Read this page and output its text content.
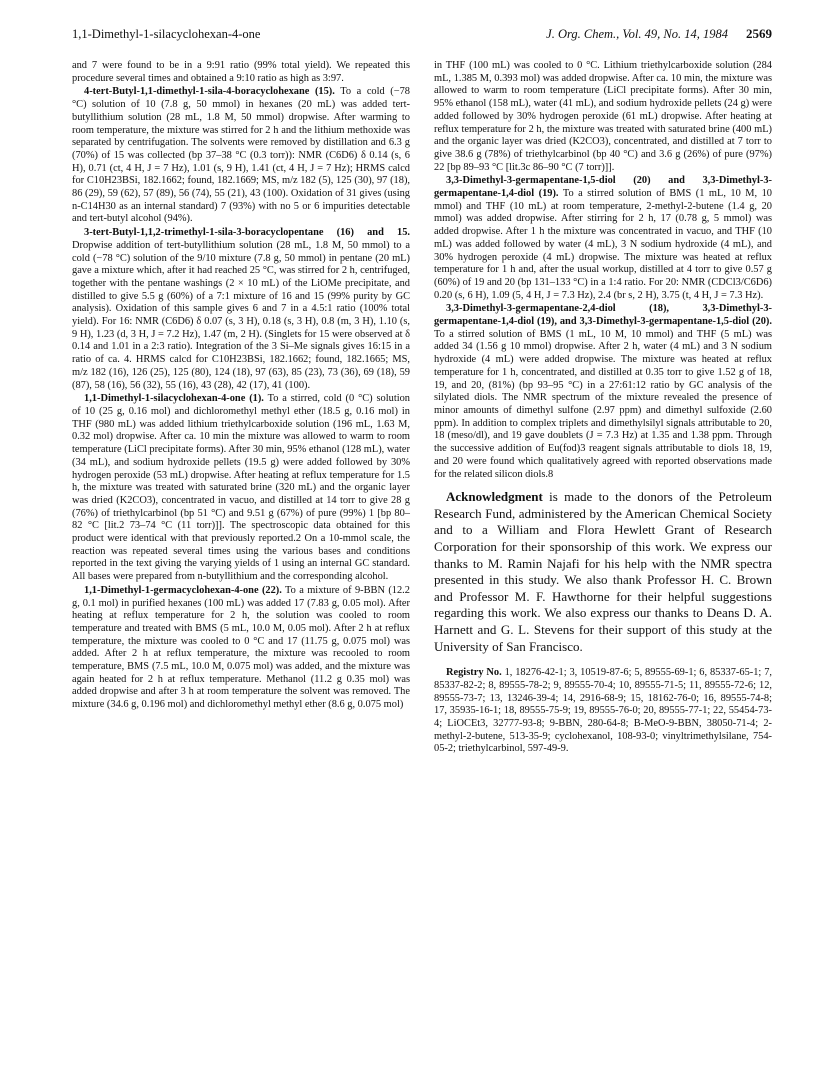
1,1-Dimethyl-1-silacyclohexan-4-one	J. Org. Chem., Vol. 49, No. 14, 1984 2569

and 7 were found to be in a 9:91 ratio (99% total yield). We repeated this procedure several times and obtained a 9:10 ratio as high as 3:97.

4-tert-Butyl-1,1-dimethyl-1-sila-4-boracyclohexane (15). To a cold (−78 °C) solution of 10 (7.8 g, 50 mmol) in hexanes (20 mL) was added tert-butyllithium solution (28 mL, 1.8 M, 50 mmol) dropwise. After warming to room temperature, the mixture was stirred for 2 h and the lithium methoxide was separated by centrifugation. The solvents were removed by distillation and 6.3 g (70%) of 15 was collected (bp 37–38 °C (0.3 torr)): NMR (C6D6) δ 0.14 (s, 6 H), 0.71 (ct, 4 H, J = 7 Hz), 1.01 (s, 9 H), 1.41 (ct, 4 H, J = 7 Hz); HRMS calcd for C10H23BSi, 182.1662; found, 182.1669; MS, m/z 182 (5), 125 (30), 97 (18), 86 (29), 59 (62), 57 (89), 56 (74), 55 (21), 43 (100). Oxidation of 31 gives (using n-C14H30 as an internal standard) 7 (93%) with no 5 or 6 impurities detectable and tert-butyl alcohol (94%).

3-tert-Butyl-1,1,2-trimethyl-1-sila-3-boracyclopentane (16) and 15. Dropwise addition of tert-butyllithium solution (28 mL, 1.8 M, 50 mmol) to a cold (−78 °C) solution of the 9/10 mixture (7.8 g, 50 mmol) in pentane (20 mL) gave a mixture which, after it had reached 25 °C, was stirred for 2 h, centrifuged, together with the pentane washings (2 × 10 mL) of the LiOMe precipitate, and distilled to give 5.5 g (60%) of a 7:1 mixture of 16 and 15 (99% purity by GC analysis). Oxidation of this sample gives 6 and 7 in a 4.5:1 ratio (100% total yield). For 16: NMR (C6D6) δ 0.07 (s, 3 H), 0.18 (s, 3 H), 0.8 (m, 3 H), 1.10 (s, 9 H), 1.23 (d, 3 H, J = 7.2 Hz), 1.47 (m, 2 H). (Singlets for 15 were observed at δ 0.14 and 1.01 in a 2:3 ratio). Integration of the 3 Si–Me signals gives 16:15 in a ratio of ca. 4. HRMS calcd for C10H23BSi, 182.1662; found, 182.1665; MS, m/z 182 (16), 126 (25), 125 (80), 124 (18), 97 (63), 85 (23), 73 (36), 69 (18), 59 (87), 58 (16), 56 (32), 55 (16), 43 (28), 42 (17), 41 (100).

1,1-Dimethyl-1-silacyclohexan-4-one (1). To a stirred, cold (0 °C) solution of 10 (25 g, 0.16 mol) and dichloromethyl methyl ether (18.5 g, 0.16 mol) in THF (980 mL) was added lithium triethylcarboxide solution (196 mL, 1.63 M, 0.32 mol) dropwise. After ca. 10 min the mixture was allowed to warm to room temperature (LiCl precipitate forms). After 30 min, 95% ethanol (128 mL), water (34 mL), and sodium hydroxide pellets (19.5 g) were added followed by 30% hydrogen peroxide (53 mL) dropwise. After heating at reflux temperature for 1.5 h, the mixture was treated with saturated brine (320 mL) and the organic layer was dried (K2CO3), concentrated in vacuo, and distilled at 14 torr to give 28 g (76%) of triethylcarbinol (bp 51 °C) and 9.51 g (67%) of pure (99%) 1 [bp 80–82 °C [lit.2 73–74 °C (11 torr)]]. The spectroscopic data obtained for this product were identical with that previously reported.2 On a 10-mmol scale, the reaction was repeated several times using the various bases and conditions reported in the text giving the varying yields of 1 using an internal GC standard. All bases were prepared from n-butyllithium and the corresponding alcohol.

1,1-Dimethyl-1-germacyclohexan-4-one (22). To a mixture of 9-BBN (12.2 g, 0.1 mol) in purified hexanes (100 mL) was added 17 (7.83 g, 0.05 mol). After heating at reflux temperature for 2 h, the solution was cooled to room temperature and treated with BMS (5 mL, 10.0 M, 0.05 mol). After 2 h at reflux temperature, the mixture was cooled to 0 °C and 17 (11.75 g, 0.075 mol) was added. After 2 h at reflux temperature, the mixture was recooled to room temperature, BMS (7.5 mL, 10.0 M, 0.075 mol) was added, and the mixture was again heated for 2 h at reflux temperature. Methanol (11.2 g 0.35 mol) was added dropwise and after 3 h at room temperature the solvent was removed. The mixture (34.6 g, 0.196 mol) and dichloromethyl methyl ether (8.6 g, 0.075 mol)

in THF (100 mL) was cooled to 0 °C. Lithium triethylcarboxide solution (284 mL, 1.385 M, 0.393 mol) was added dropwise. After ca. 10 min, the mixture was allowed to warm to room temperature (LiCl precipitate forms). After 30 min, 95% ethanol (158 mL), water (41 mL), and sodium hydroxide pellets (24 g) were added followed by 30% hydrogen peroxide (61 mL) dropwise. After heating at reflux temperature for 2 h, the mixture was treated with saturated brine (400 mL) and the organic layer was dried (K2CO3), concentrated, and distilled at 7 torr to give 38.6 g (78%) of triethylcarbinol (bp 40 °C) and 3.6 g (26%) of pure (97%) 22 [bp 89–93 °C [lit.3c 86–90 °C (7 torr)]].

3,3-Dimethyl-3-germapentane-1,5-diol (20) and 3,3-Dimethyl-3-germapentane-1,4-diol (19). To a stirred solution of BMS (1 mL, 10 M, 10 mmol) and THF (10 mL) at room temperature, 2-methyl-2-butene (1.4 g, 20 mmol) was added dropwise. After stirring for 2 h, 17 (0.78 g, 5 mmol) was added dropwise. After 1 h the mixture was concentrated in vacuo, and THF (10 mL) was added followed by water (4 mL), 3 N sodium hydroxide (4 mL), and 30% hydrogen peroxide (4 mL) dropwise. The mixture was heated at reflux temperature for 1 h and, after the usual workup, distilled at 4 torr to give 0.57 g (60%) of 19 and 20 (bp 131–133 °C) in a 1:4 ratio. For 20: NMR (CDCl3/C6D6) 0.20 (s, 6 H), 1.09 (5, 4 H, J = 7.3 Hz), 2.4 (br s, 2 H), 3.75 (t, 4 H, J = 7.3 Hz).

3,3-Dimethyl-3-germapentane-2,4-diol (18), 3,3-Dimethyl-3-germapentane-1,4-diol (19), and 3,3-Dimethyl-3-germapentane-1,5-diol (20). To a stirred solution of BMS (1 mL, 10 M, 10 mmol) and THF (5 mL) was added 34 (1.56 g 10 mmol) dropwise. After 2 h, water (4 mL) and 3 N sodium hydroxide (4 mL) were added dropwise. The mixture was heated at reflux temperature for 1 h, concentrated, and distilled at 0.35 torr to give 1.52 g of 18, 19, and 20, (81%) (bp 93–95 °C) in a 27:61:12 ratio by GC analysis of the silylated diols. The NMR spectrum of the mixture revealed the presence of minor amounts of dimethyl sulfone (2.97 ppm) and dimethyl sulfoxide (2.60 ppm). In addition to complex triplets and dimethylsilyl signals attributable to 20, 18 (meso/dl), and 19 gave doublets (J = 7.3 Hz) at 1.35 and 1.38 ppm. Through the successive addition of Eu(fod)3 reagent signals attributable to diols 18, 19, and 20 were found which qualitatively agreed with reported observations made for the related silicon diols.8

Acknowledgment is made to the donors of the Petroleum Research Fund, administered by the American Chemical Society and to a William and Flora Hewlett Grant of Research Corporation for their sponsorship of this work. We express our thanks to M. Ramin Najafi for his help with the NMR spectra presented in this study. We also thank Professor H. C. Brown and Professor M. F. Hawthorne for their helpful suggestions regarding this work. We also express our thanks to Deans D. A. Harnett and G. L. Stevens for their support of this study at the University of San Francisco.

Registry No. 1, 18276-42-1; 3, 10519-87-6; 5, 89555-69-1; 6, 85337-65-1; 7, 85337-82-2; 8, 89555-78-2; 9, 89555-70-4; 10, 89555-71-5; 11, 89555-72-6; 12, 89555-73-7; 13, 13246-39-4; 14, 2916-68-9; 15, 18162-76-0; 16, 89555-74-8; 17, 35935-16-1; 18, 89555-75-9; 19, 89555-76-0; 20, 89555-77-1; 22, 55454-73-4; LiOCEt3, 32777-93-8; 9-BBN, 280-64-8; B-MeO-9-BBN, 38050-71-4; 2-methyl-2-butene, 513-35-9; cyclohexanol, 108-93-0; vinyltrimethylsilane, 754-05-2; triethylcarbinol, 597-49-9.
